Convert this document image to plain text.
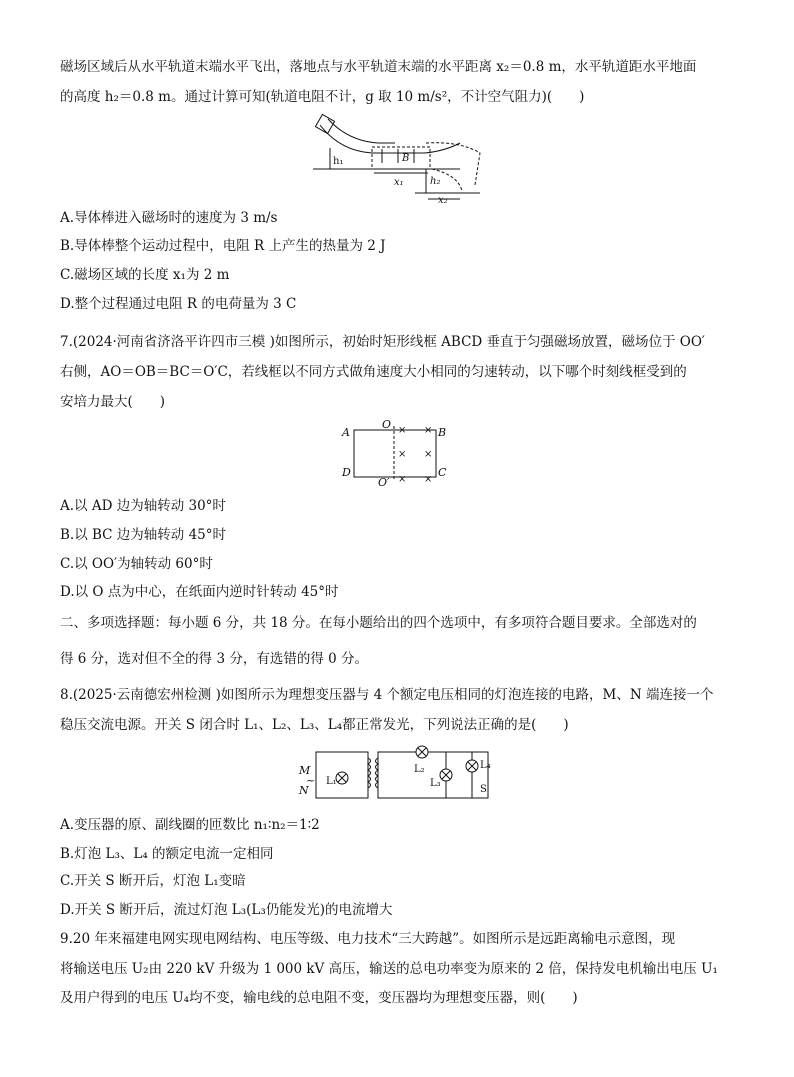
磁场区域后从水平轨道末端水平飞出，落地点与水平轨道末端的水平距离 x₂＝0.8 m，水平轨道距水平地面
的高度 h₂＝0.8 m。通过计算可知(轨道电阻不计，g 取 10 m/s²，不计空气阻力)(　　)
h₁	B
x₁	h₂
x₂
A.导体棒进入磁场时的速度为 3 m/s
B.导体棒整个运动过程中，电阻 R 上产生的热量为 2 J
C.磁场区域的长度 x₁为 2 m
D.整个过程通过电阻 R 的电荷量为 3 C
7.(2024·河南省济洛平许四市三模 )如图所示，初始时矩形线框 ABCD 垂直于匀强磁场放置，磁场位于 OO′
右侧，AO＝OB＝BC＝O′C，若线框以不同方式做角速度大小相同的匀速转动，以下哪个时刻线框受到的
安培力最大(　　)
A
O
B
D
O′
C
× ×
× ×
× ×
A.以 AD 边为轴转动 30°时
B.以 BC 边为轴转动 45°时
C.以 OO′为轴转动 60°时
D.以 O 点为中心，在纸面内逆时针转动 45°时
二、多项选择题：每小题 6 分，共 18 分。在每小题给出的四个选项中，有多项符合题目要求。全部选对的
得 6 分，选对但不全的得 3 分，有选错的得 0 分。
8.(2025·云南德宏州检测 )如图所示为理想变压器与 4 个额定电压相同的灯泡连接的电路，M、N 端连接一个
稳压交流电源。开关 S 闭合时 L₁、L₂、L₃、L₄都正常发光，下列说法正确的是(　　)
M
~
N
L₁
L₂
L₃
L₄
S
A.变压器的原、副线圈的匝数比 n₁∶n₂＝1∶2
B.灯泡 L₃、L₄ 的额定电流一定相同
C.开关 S 断开后，灯泡 L₁变暗
D.开关 S 断开后，流过灯泡 L₃(L₃仍能发光)的电流增大
9.20 年来福建电网实现电网结构、电压等级、电力技术“三大跨越”。如图所示是远距离输电示意图，现
将输送电压 U₂由 220 kV 升级为 1 000 kV 高压，输送的总电功率变为原来的 2 倍，保持发电机输出电压 U₁
及用户得到的电压 U₄均不变，输电线的总电阻不变，变压器均为理想变压器，则(　　)
